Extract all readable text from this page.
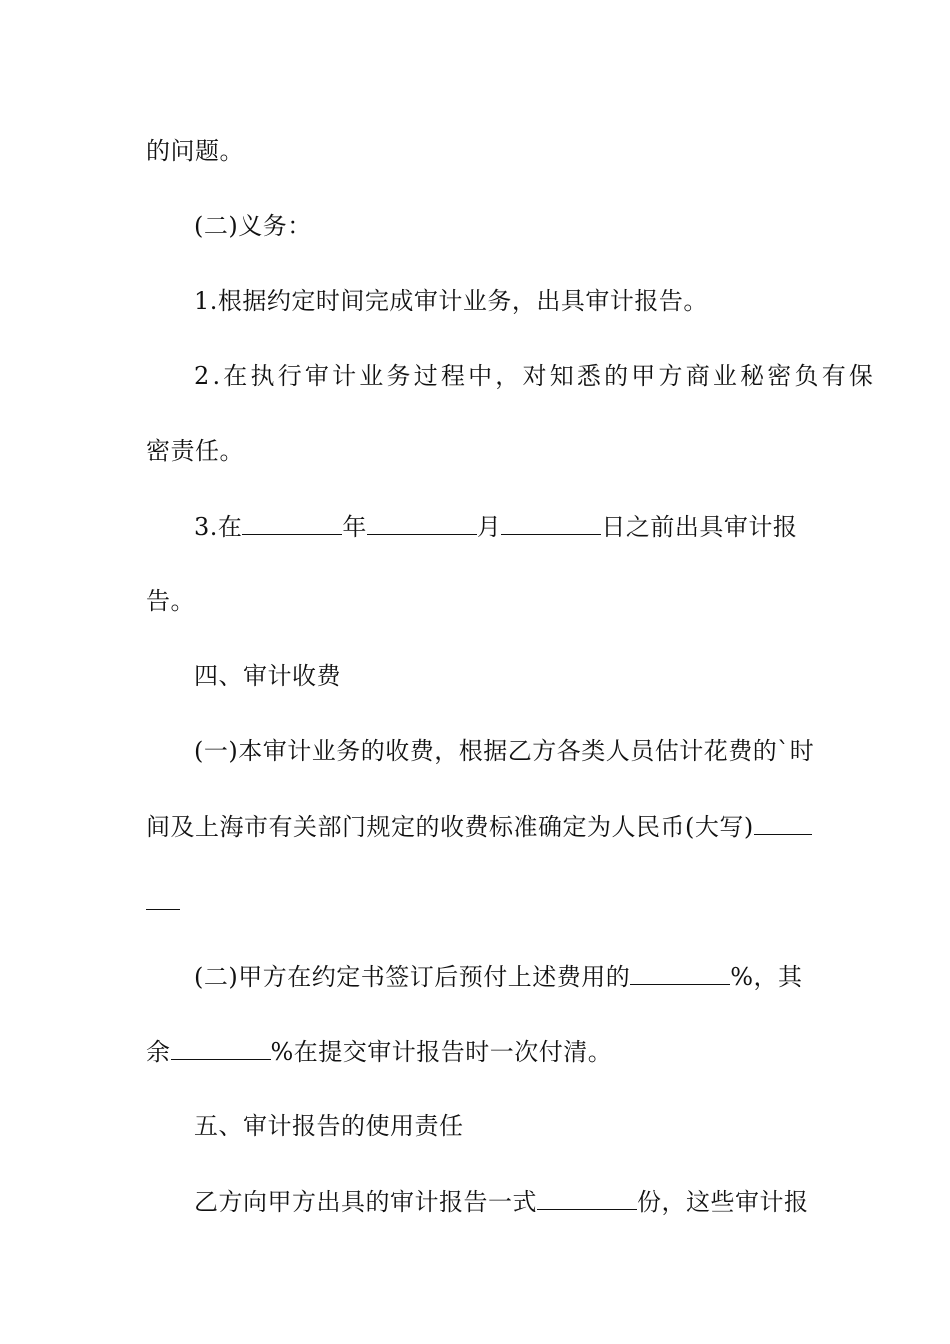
的问题。
(二)义务：
1.根据约定时间完成审计业务，出具审计报告。
2.在执行审计业务过程中，对知悉的甲方商业秘密负有保
密责任。
3.在	年	月	日之前出具审计报
告。
四、审计收费
(一)本审计业务的收费，根据乙方各类人员估计花费的`时
间及上海市有关部门规定的收费标准确定为人民币(大写)
(二)甲方在约定书签订后预付上述费用的	%，其
余	%在提交审计报告时一次付清。
五、审计报告的使用责任
乙方向甲方出具的审计报告一式	份，这些审计报
